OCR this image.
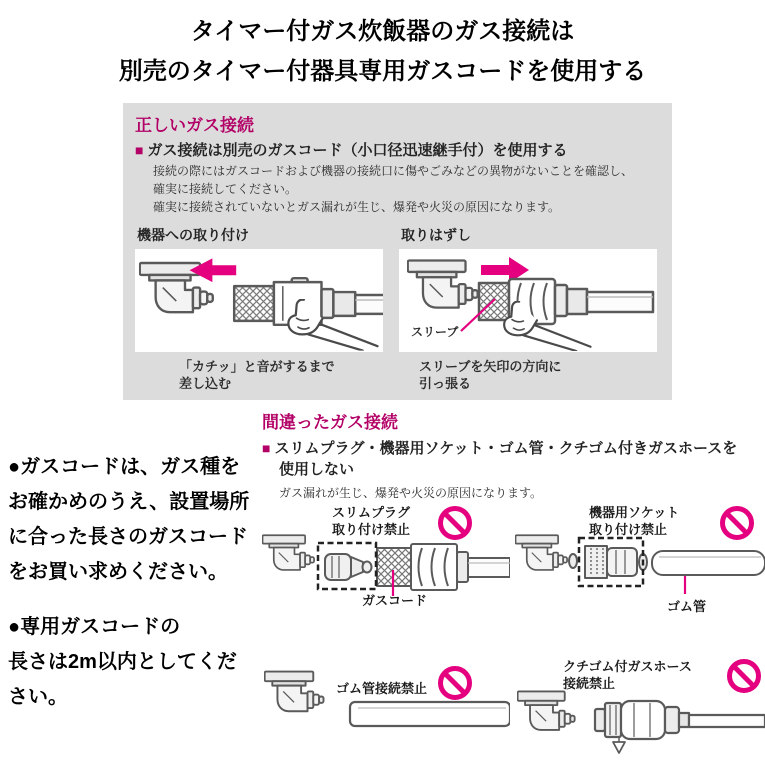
タイマー付ガス炊飯器のガス接続は
別売のタイマー付器具専用ガスコードを使用する
正しいガス接続
■ ガス接続は別売のガスコード（小口径迅速継手付）を使用する
接続の際にはガスコードおよび機器の接続口に傷やごみなどの異物がないことを確認し、
確実に接続してください。
確実に接続されていないとガス漏れが生じ、爆発や火災の原因になります。
機器への取り付け
「カチッ」と音がするまで
差し込む
取りはずし
スリーブ
スリーブを矢印の方向に
引っ張る

●ガスコードは、ガス種を
お確かめのうえ、設置場所
に合った長さのガスコード
をお買い求めください。

●専用ガスコードの
長さは2m以内としてくだ
さい。

間違ったガス接続
■ スリムプラグ・機器用ソケット・ゴム管・クチゴム付きガスホースを
使用しない
ガス漏れが生じ、爆発や火災の原因になります。
スリムプラグ
取り付け禁止
ガスコード
機器用ソケット
取り付け禁止
ゴム管
ゴム管接続禁止
クチゴム付ガスホース
接続禁止
